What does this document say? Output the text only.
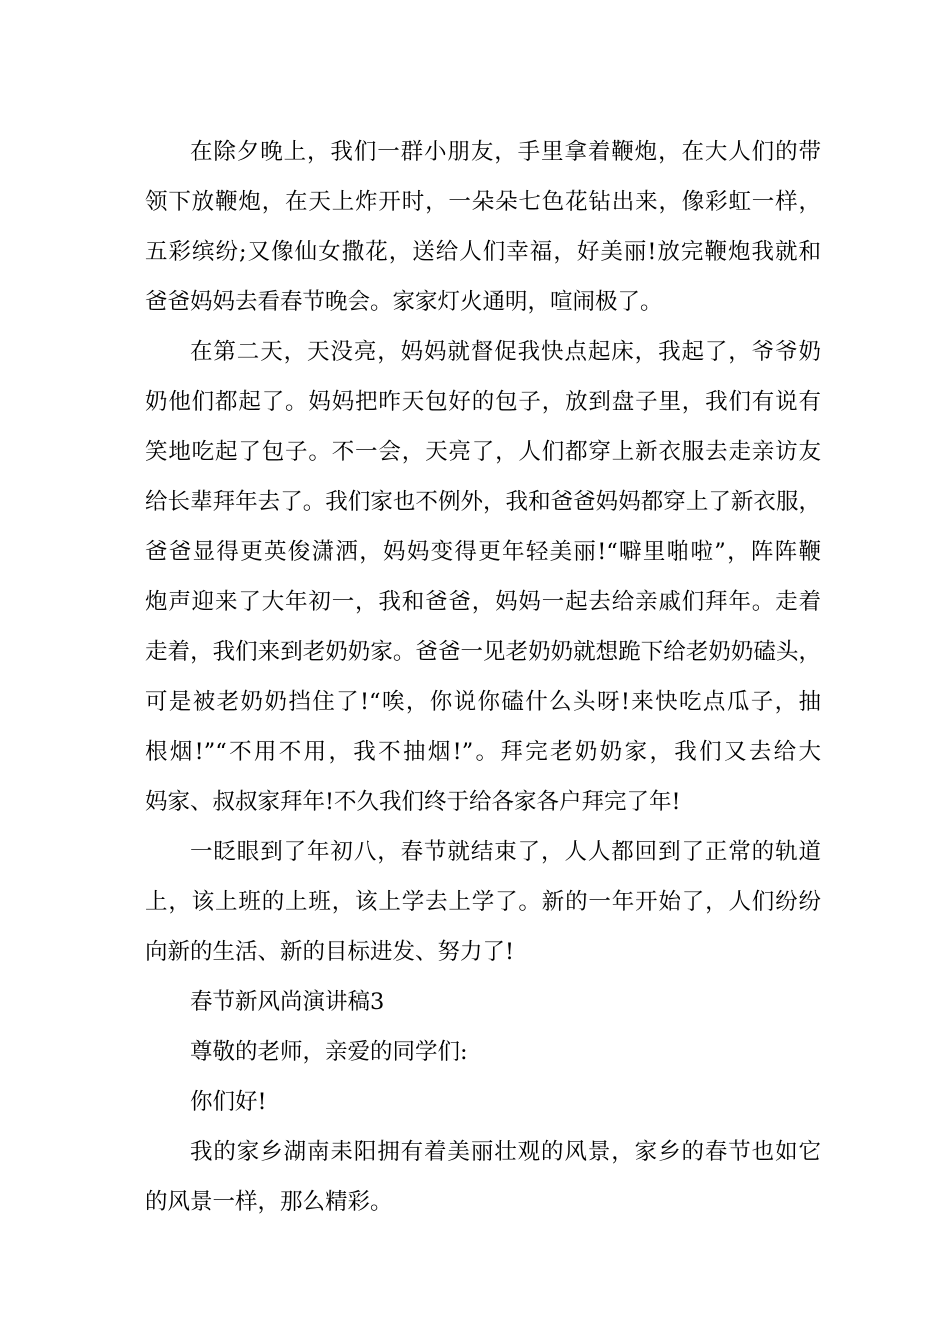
在除夕晚上，我们一群小朋友，手里拿着鞭炮，在大人们的带
领下放鞭炮，在天上炸开时，一朵朵七色花钻出来，像彩虹一样，
五彩缤纷;又像仙女撒花，送给人们幸福，好美丽!放完鞭炮我就和
爸爸妈妈去看春节晚会。家家灯火通明，喧闹极了。
在第二天，天没亮，妈妈就督促我快点起床，我起了，爷爷奶
奶他们都起了。妈妈把昨天包好的包子，放到盘子里，我们有说有
笑地吃起了包子。不一会，天亮了，人们都穿上新衣服去走亲访友
给长辈拜年去了。我们家也不例外，我和爸爸妈妈都穿上了新衣服，
爸爸显得更英俊潇洒，妈妈变得更年轻美丽!“噼里啪啦”，阵阵鞭
炮声迎来了大年初一，我和爸爸，妈妈一起去给亲戚们拜年。走着
走着，我们来到老奶奶家。爸爸一见老奶奶就想跪下给老奶奶磕头，
可是被老奶奶挡住了!“唉，你说你磕什么头呀!来快吃点瓜子，抽
根烟!”“不用不用，我不抽烟!”。拜完老奶奶家，我们又去给大
妈家、叔叔家拜年!不久我们终于给各家各户拜完了年!
一眨眼到了年初八，春节就结束了，人人都回到了正常的轨道
上，该上班的上班，该上学去上学了。新的一年开始了，人们纷纷
向新的生活、新的目标进发、努力了!
春节新风尚演讲稿3
尊敬的老师，亲爱的同学们:
你们好!
我的家乡湖南耒阳拥有着美丽壮观的风景，家乡的春节也如它
的风景一样，那么精彩。
